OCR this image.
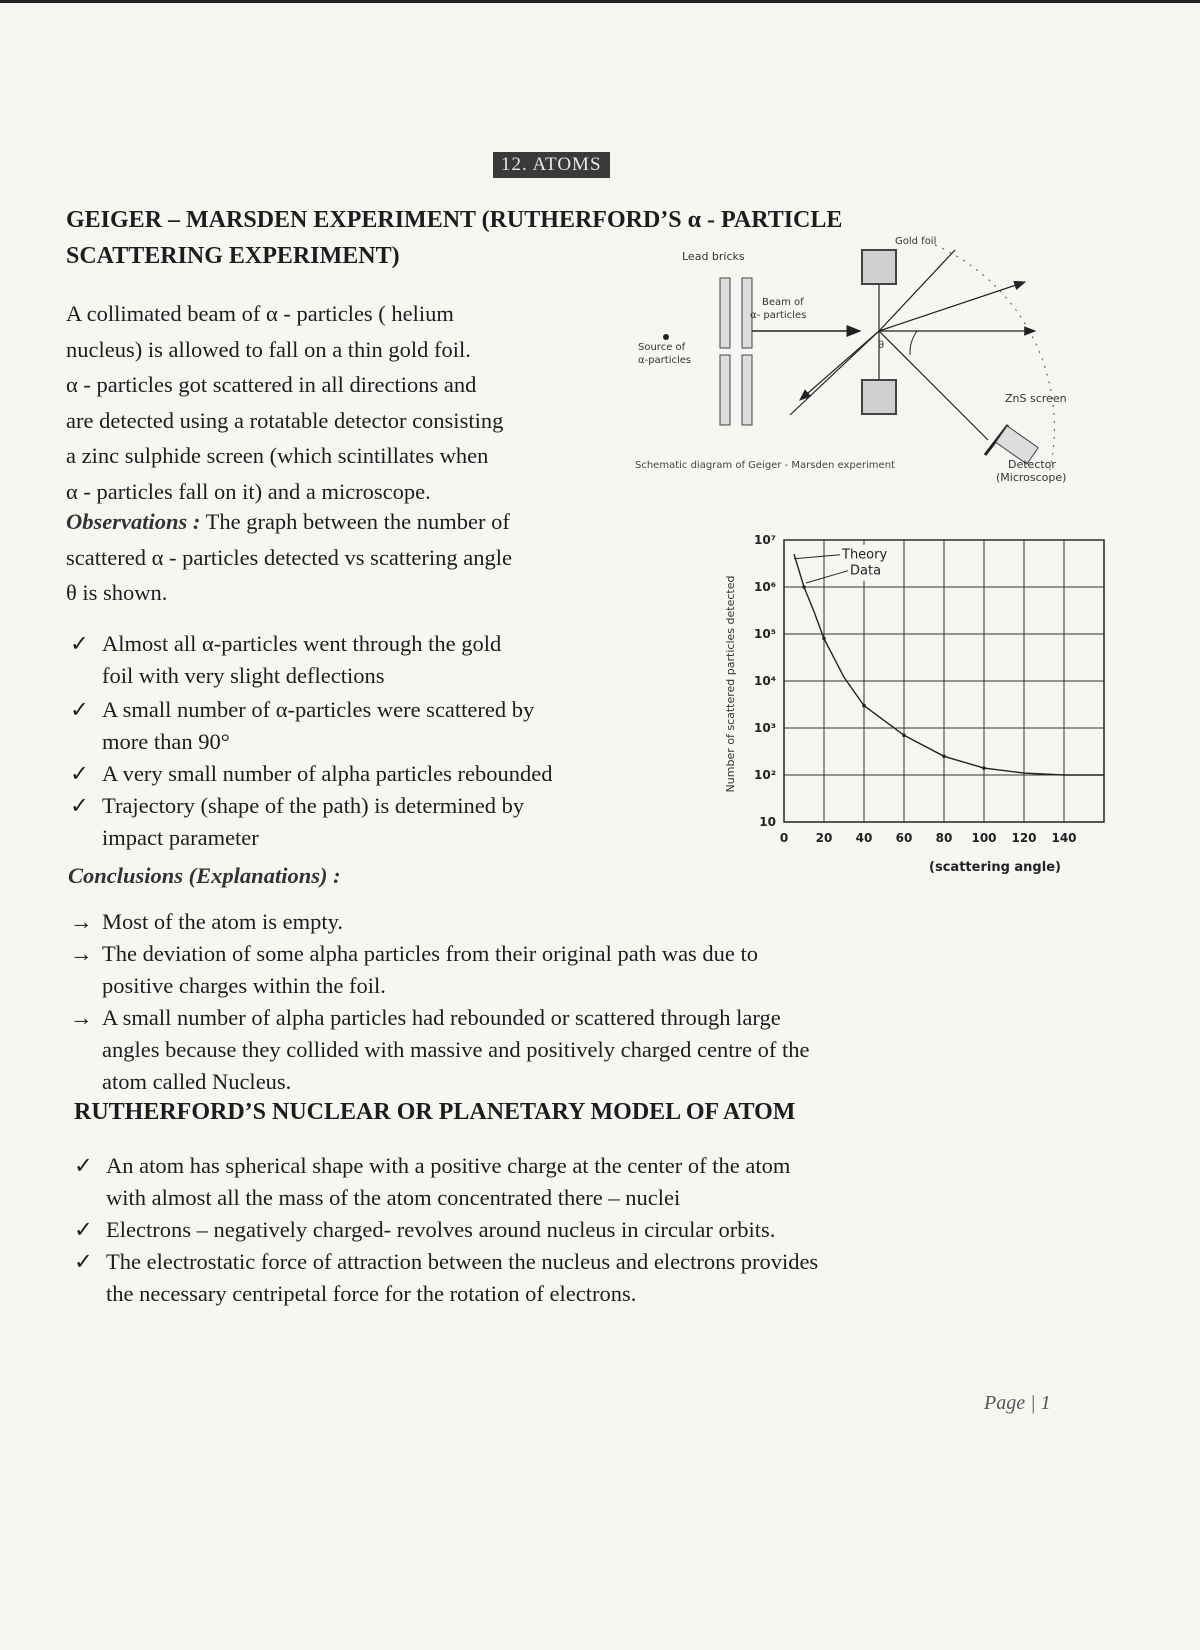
12. ATOMS
GEIGER – MARSDEN EXPERIMENT (RUTHERFORD’S α - PARTICLE
SCATTERING EXPERIMENT)
A collimated beam of α - particles ( helium
nucleus) is allowed to fall on a thin gold foil.
α - particles got scattered in all directions and
are detected using a rotatable detector consisting
a zinc sulphide screen (which scintillates when
α - particles fall on it) and a microscope.
Lead bricks
Gold foil
Beam of
α- particles
Source of
α-particles
θ
ZnS screen
Detector
(Microscope)
Schematic diagram of Geiger - Marsden experiment
Observations : The graph between the number of
scattered α - particles detected vs scattering angle
θ is shown.
✓ Almost all α-particles went through the gold
foil with very slight deflections
✓ A small number of α-particles were scattered by
more than 90°
✓ A very small number of alpha particles rebounded
✓ Trajectory (shape of the path) is determined by
impact parameter
Number of scattered particles detected
(scattering angle)
10
10²
10³
10⁴
10⁵
10⁶
10⁷
0 20 40 60 80 100 120 140
Theory
Data
Conclusions (Explanations) :
→ Most of the atom is empty.
→ The deviation of some alpha particles from their original path was due to
positive charges within the foil.
→ A small number of alpha particles had rebounded or scattered through large
angles because they collided with massive and positively charged centre of the
atom called Nucleus.
RUTHERFORD’S NUCLEAR OR PLANETARY MODEL OF ATOM
✓ An atom has spherical shape with a positive charge at the center of the atom
with almost all the mass of the atom concentrated there – nuclei
✓ Electrons – negatively charged- revolves around nucleus in circular orbits.
✓ The electrostatic force of attraction between the nucleus and electrons provides
the necessary centripetal force for the rotation of electrons.
Page | 1
